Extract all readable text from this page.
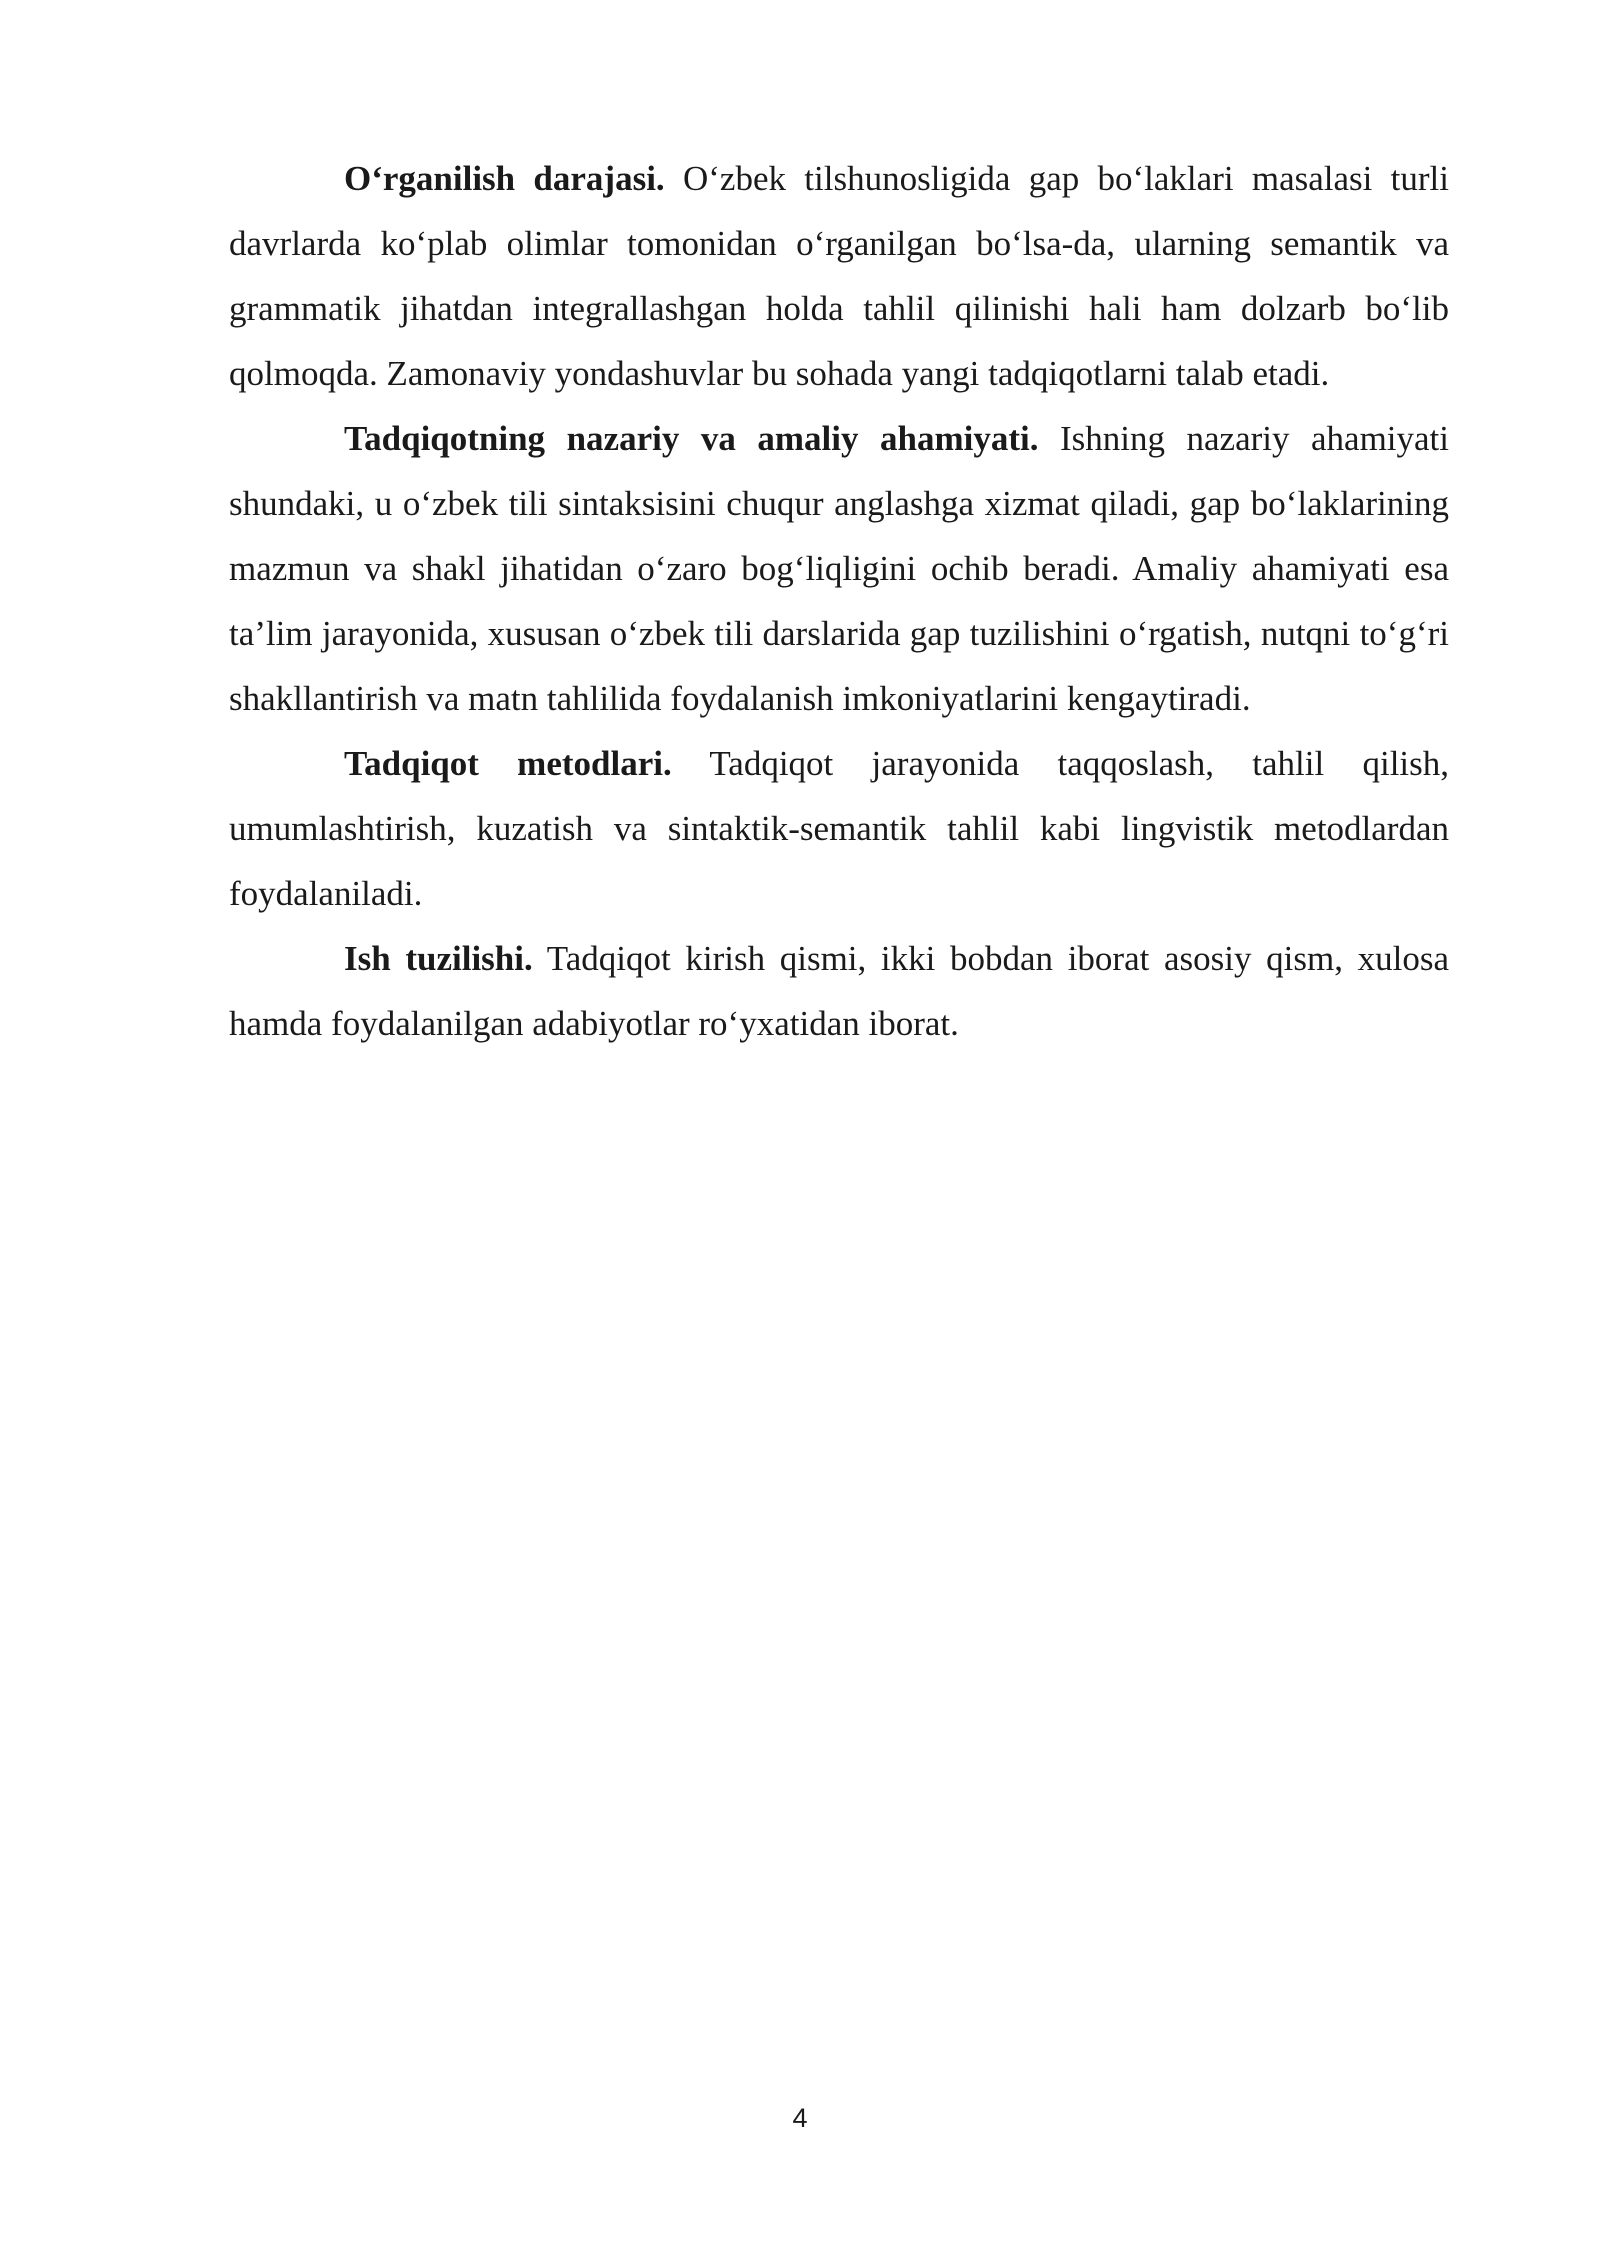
O‘rganilish darajasi. O‘zbek tilshunosligida gap bo‘laklari masalasi turli davrlarda ko‘plab olimlar tomonidan o‘rganilgan bo‘lsa-da, ularning semantik va grammatik jihatdan integrallashgan holda tahlil qilinishi hali ham dolzarb bo‘lib qolmoqda. Zamonaviy yondashuvlar bu sohada yangi tadqiqotlarni talab etadi.

Tadqiqotning nazariy va amaliy ahamiyati. Ishning nazariy ahamiyati shundaki, u o‘zbek tili sintaksisini chuqur anglashga xizmat qiladi, gap bo‘laklarining mazmun va shakl jihatidan o‘zaro bog‘liqligini ochib beradi. Amaliy ahamiyati esa ta’lim jarayonida, xususan o‘zbek tili darslarida gap tuzilishini o‘rgatish, nutqni to‘g‘ri shakllantirish va matn tahlilida foydalanish imkoniyatlarini kengaytiradi.

Tadqiqot metodlari. Tadqiqot jarayonida taqqoslash, tahlil qilish, umumlashtirish, kuzatish va sintaktik-semantik tahlil kabi lingvistik metodlardan foydalaniladi.

Ish tuzilishi. Tadqiqot kirish qismi, ikki bobdan iborat asosiy qism, xulosa hamda foydalanilgan adabiyotlar ro‘yxatidan iborat.

4
